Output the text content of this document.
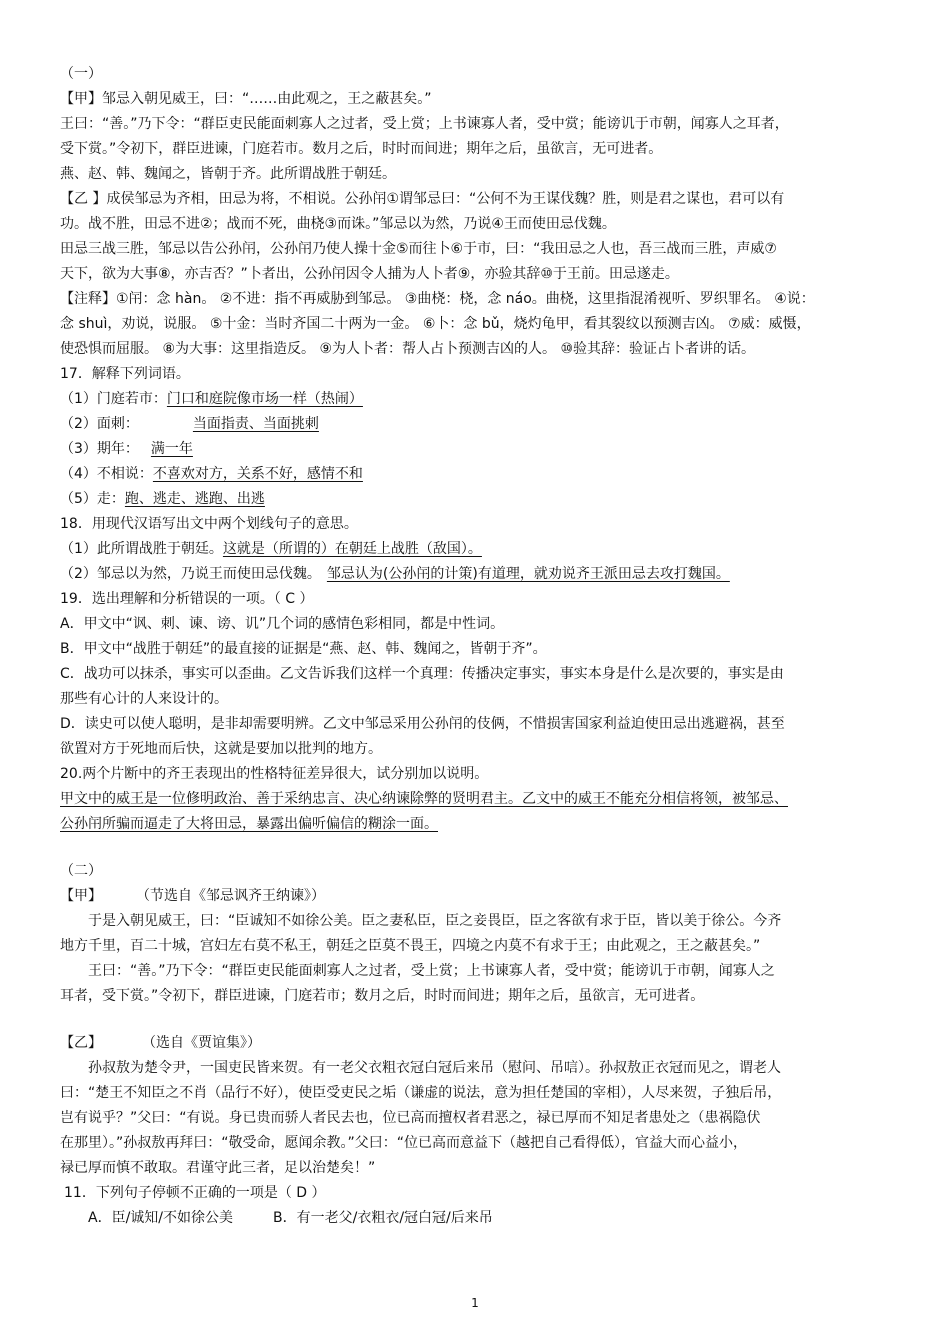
（一）
【甲】邹忌入朝见威王，曰：“……由此观之，王之蔽甚矣。”
王曰：“善。”乃下令：“群臣吏民能面刺寡人之过者，受上赏；上书谏寡人者，受中赏；能谤讥于市朝，闻寡人之耳者，
受下赏。”令初下，群臣进谏，门庭若市。数月之后，时时而间进；期年之后，虽欲言，无可进者。
燕、赵、韩、魏闻之，皆朝于齐。此所谓战胜于朝廷。
【乙 】成侯邹忌为齐相，田忌为将，不相说。公孙闬①谓邹忌曰：“公何不为王谋伐魏？胜，则是君之谋也，君可以有
功。战不胜，田忌不进②；战而不死，曲桡③而诛。”邹忌以为然，乃说④王而使田忌伐魏。
田忌三战三胜，邹忌以告公孙闬，公孙闬乃使人操十金⑤而往卜⑥于市，曰：“我田忌之人也，吾三战而三胜，声威⑦
天下，欲为大事⑧，亦吉否？”卜者出，公孙闬因令人捕为人卜者⑨，亦验其辞⑩于王前。田忌遂走。
【注释】①闬：念 hàn。 ②不进：指不再威胁到邹忌。 ③曲桡：桡，念 náo。曲桡，这里指混淆视听、罗织罪名。 ④说：
念 shuì，劝说，说服。 ⑤十金：当时齐国二十两为一金。 ⑥卜：念 bǔ，烧灼龟甲，看其裂纹以预测吉凶。 ⑦威：威慑，
使恐惧而屈服。 ⑧为大事：这里指造反。 ⑨为人卜者：帮人占卜预测吉凶的人。 ⑩验其辞：验证占卜者讲的话。
17．解释下列词语。
（1）门庭若市：门口和庭院像市场一样（热闹）
（2）面刺：	当面指责、当面挑刺
（3）期年： 满一年
（4）不相说：不喜欢对方，关系不好，感情不和
（5）走：跑、逃走、逃跑、出逃
18．用现代汉语写出文中两个划线句子的意思。
（1）此所谓战胜于朝廷。这就是（所谓的）在朝廷上战胜（敌国）。
（2）邹忌以为然，乃说王而使田忌伐魏。 邹忌认为(公孙闬的计策)有道理，就劝说齐王派田忌去攻打魏国。
19．选出理解和分析错误的一项。（ C ）
A．甲文中“讽、刺、谏、谤、讥”几个词的感情色彩相同，都是中性词。
B．甲文中“战胜于朝廷”的最直接的证据是“燕、赵、韩、魏闻之，皆朝于齐”。
C．战功可以抹杀，事实可以歪曲。乙文告诉我们这样一个真理：传播决定事实，事实本身是什么是次要的，事实是由
那些有心计的人来设计的。
D．读史可以使人聪明，是非却需要明辨。乙文中邹忌采用公孙闬的伎俩，不惜损害国家利益迫使田忌出逃避祸，甚至
欲置对方于死地而后快，这就是要加以批判的地方。
20.两个片断中的齐王表现出的性格特征差异很大，试分别加以说明。
甲文中的威王是一位修明政治、善于采纳忠言、决心纳谏除弊的贤明君主。乙文中的威王不能充分相信将领，被邹忌、
公孙闬所骗而逼走了大将田忌，暴露出偏听偏信的糊涂一面。
（二）
【甲】 （节选自《邹忌讽齐王纳谏》）
于是入朝见威王，曰：“臣诚知不如徐公美。臣之妻私臣，臣之妾畏臣，臣之客欲有求于臣，皆以美于徐公。今齐
地方千里，百二十城，宫妇左右莫不私王，朝廷之臣莫不畏王，四境之内莫不有求于王；由此观之，王之蔽甚矣。”
王曰：“善。”乃下令：“群臣吏民能面刺寡人之过者，受上赏；上书谏寡人者，受中赏；能谤讥于市朝，闻寡人之
耳者，受下赏。”令初下，群臣进谏，门庭若市；数月之后，时时而间进；期年之后，虽欲言，无可进者。
【乙】	（选自《贾谊集》）
孙叔敖为楚令尹，一国吏民皆来贺。有一老父衣粗衣冠白冠后来吊（慰问、吊唁）。孙叔敖正衣冠而见之，谓老人
曰：“楚王不知臣之不肖（品行不好），使臣受吏民之垢（谦虚的说法，意为担任楚国的宰相），人尽来贺，子独后吊，
岂有说乎？”父曰：“有说。身已贵而骄人者民去也，位已高而擅权者君恶之，禄已厚而不知足者患处之（患祸隐伏
在那里）。”孙叔敖再拜曰：“敬受命，愿闻余教。”父曰：“位已高而意益下（越把自己看得低），官益大而心益小，
禄已厚而慎不敢取。君谨守此三者，足以治楚矣！”
11．下列句子停顿不正确的一项是（ D ）
A．臣/诚知/不如徐公美	B．有一老父/衣粗衣/冠白冠/后来吊
1
